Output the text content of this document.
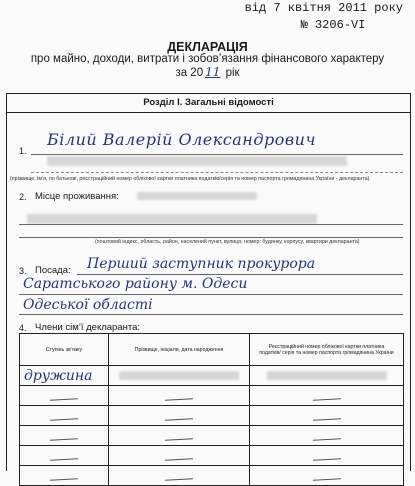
від 7 квітня 2011 року
№ 3206-VI
ДЕКЛАРАЦІЯ
про майно, доходи, витрати і зобов’язання фінансового характеру
за 20 11 рік
Розділ І. Загальні відомості
1.
Білий Валерій Олександрович
(прізвище, ім’я, по батькові, реєстраційний номер облікової картки платника податків/серія та номер паспорта громадянина України - декларанта)
2. Місце проживання:
(поштовий індекс, область, район, населений пункт, вулиця, номер: будинку, корпусу, квартири декларанта)
3. Посада: Перший заступник прокурора
Саратського району м. Одеси
Одеської області
4. Члени сім’ї декларанта:
Ступінь зв’язку	Прізвище, ініціали, дата народження	Реєстраційний номер облікової картки платника податків/ серія та номер паспорта громадянина України
дружина	
